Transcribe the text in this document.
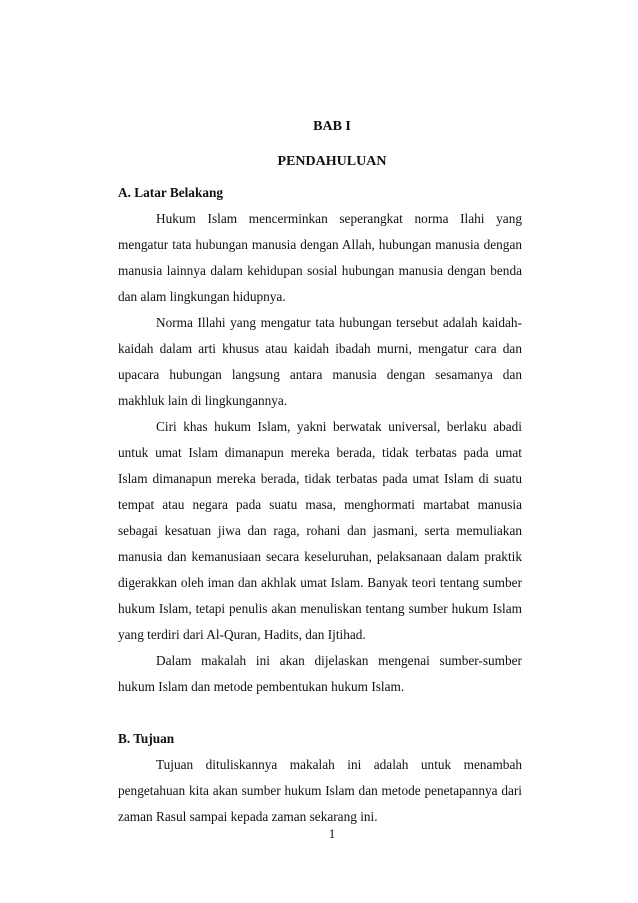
BAB I

PENDAHULUAN

A. Latar Belakang

Hukum Islam mencerminkan seperangkat norma Ilahi yang mengatur tata hubungan manusia dengan Allah, hubungan manusia dengan manusia lainnya dalam kehidupan sosial hubungan manusia dengan benda dan alam lingkungan hidupnya.

Norma Illahi yang mengatur tata hubungan tersebut adalah kaidah-kaidah dalam arti khusus atau kaidah ibadah murni, mengatur cara dan upacara hubungan langsung antara manusia dengan sesamanya dan makhluk lain di lingkungannya.

Ciri khas hukum Islam, yakni berwatak universal, berlaku abadi untuk umat Islam dimanapun mereka berada, tidak terbatas pada umat Islam dimanapun mereka berada, tidak terbatas pada umat Islam di suatu tempat atau negara pada suatu masa, menghormati martabat manusia sebagai kesatuan jiwa dan raga, rohani dan jasmani, serta memuliakan manusia dan kemanusiaan secara keseluruhan, pelaksanaan dalam praktik digerakkan oleh iman dan akhlak umat Islam. Banyak teori tentang sumber hukum Islam, tetapi penulis akan menuliskan tentang sumber hukum Islam yang terdiri dari Al-Quran, Hadits, dan Ijtihad.

Dalam makalah ini akan dijelaskan mengenai sumber-sumber hukum Islam dan metode pembentukan hukum Islam.

B. Tujuan

Tujuan dituliskannya makalah ini adalah untuk menambah pengetahuan kita akan sumber hukum Islam dan metode penetapannya dari zaman Rasul sampai kepada zaman sekarang ini.

1
